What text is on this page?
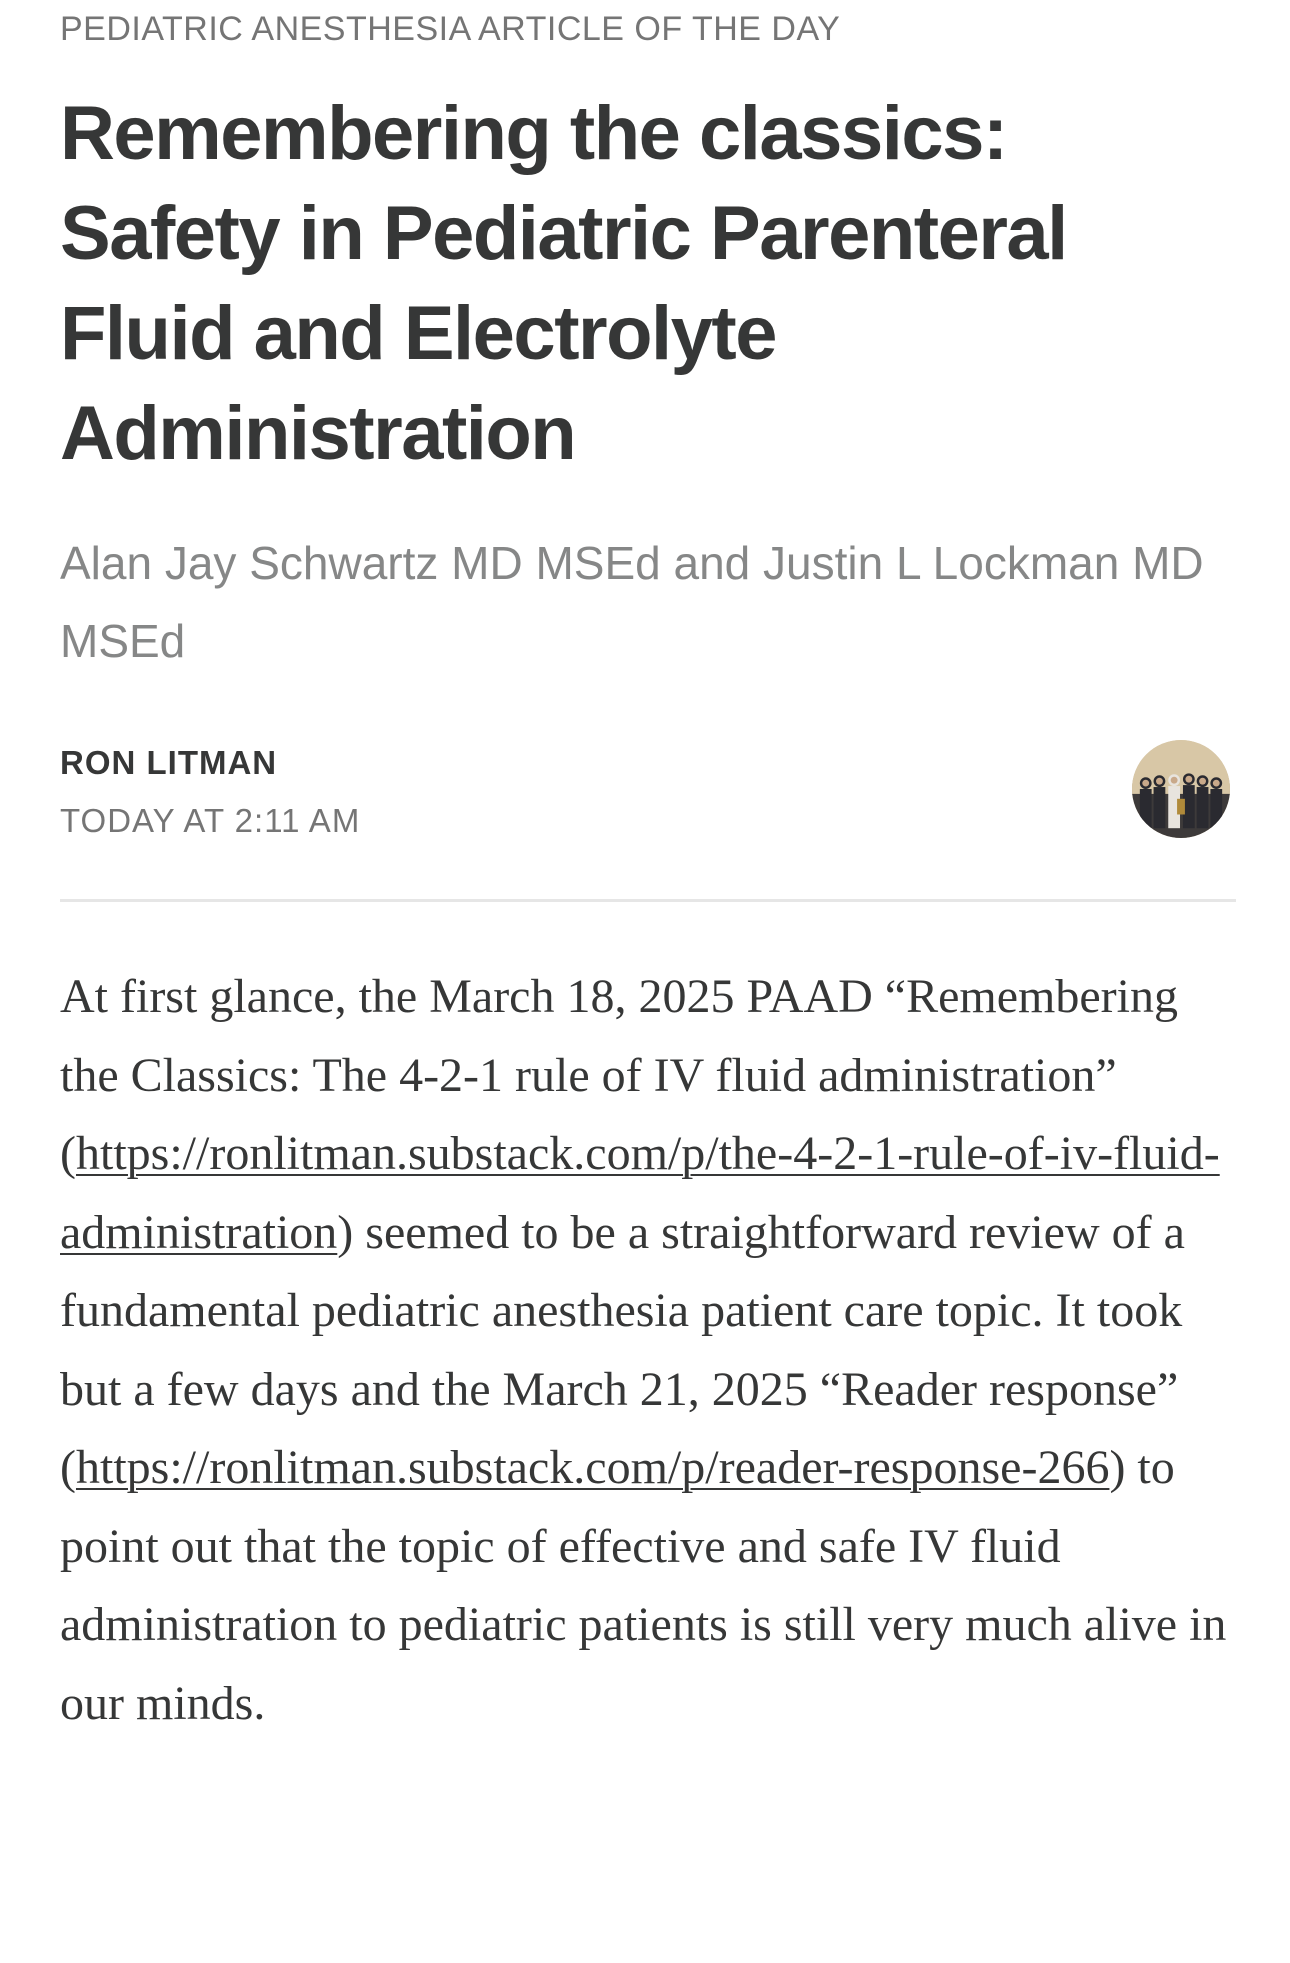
PEDIATRIC ANESTHESIA ARTICLE OF THE DAY
Remembering the classics: Safety in Pediatric Parenteral Fluid and Electrolyte Administration
Alan Jay Schwartz MD MSEd and Justin L Lockman MD MSEd
RON LITMAN
TODAY AT 2:11 AM

At first glance, the March 18, 2025 PAAD “Remembering the Classics: The 4-2-1 rule of IV fluid administration” (https://ronlitman.substack.com/p/the-4-2-1-rule-of-iv-fluid-administration) seemed to be a straightforward review of a fundamental pediatric anesthesia patient care topic. It took but a few days and the March 21, 2025 “Reader response” (https://ronlitman.substack.com/p/reader-response-266) to point out that the topic of effective and safe IV fluid administration to pediatric patients is still very much alive in our minds.
